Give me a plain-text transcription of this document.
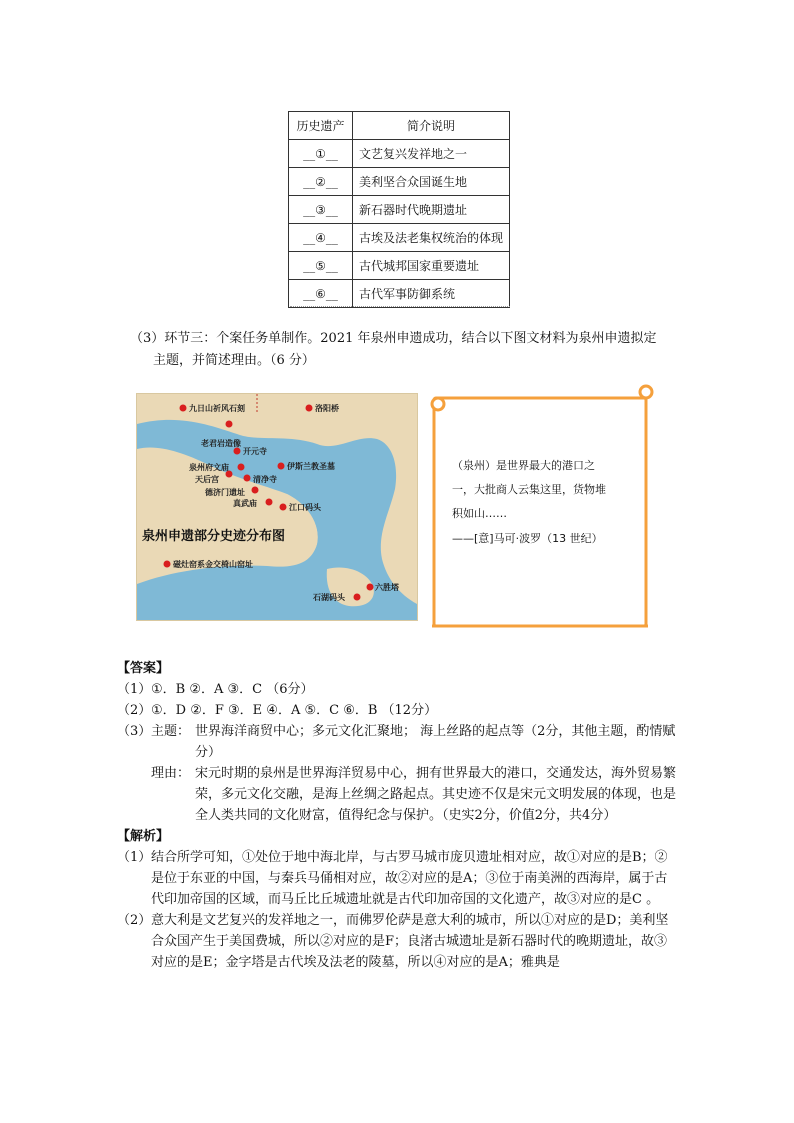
历史遗产	简介说明
__①__	文艺复兴发祥地之一
__②__	美利坚合众国诞生地
__③__	新石器时代晚期遗址
__④__	古埃及法老集权统治的体现
__⑤__	古代城邦国家重要遗址
__⑥__	古代军事防御系统
（3）环节三：个案任务单制作。2021 年泉州申遗成功，结合以下图文材料为泉州申遗拟定
主题，并简述理由。（6 分）
九日山祈风石刻
老君岩造像
洛阳桥
开元寺
泉州府文庙	伊斯兰教圣墓
天后宫	清净寺
德济门遗址
真武庙	江口码头
磁灶窑系金交椅山窑址
石湖码头
六胜塔
泉州申遗部分史迹分布图
（泉州）是世界最大的港口之
一，大批商人云集这里，货物堆
积如山……
——[意]马可·波罗（13 世纪）
【答案】
（1） ①．B ②．A ③．C （6分）
（2） ①．D ②．F ③．E ④．A ⑤．C ⑥．B （12分）
（3） 主题： 世界海洋商贸中心；多元文化汇聚地； 海上丝路的起点等（2分，其他主题，酌情赋分）
理由： 宋元时期的泉州是世界海洋贸易中心，拥有世界最大的港口，交通发达，海外贸易繁荣，多元文化交融，是海上丝绸之路起点。其史迹不仅是宋元文明发展的体现，也是全人类共同的文化财富，值得纪念与保护。（史实2分，价值2分，共4分）
【解析】
（1） 结合所学可知，①处位于地中海北岸，与古罗马城市庞贝遗址相对应，故①对应的是B；②是位于东亚的中国，与秦兵马俑相对应，故②对应的是A；③位于南美洲的西海岸，属于古代印加帝国的区域，而马丘比丘城遗址就是古代印加帝国的文化遗产，故③对应的是C 。
（2） 意大利是文艺复兴的发祥地之一，而佛罗伦萨是意大利的城市，所以①对应的是D；美利坚合众国产生于美国费城，所以②对应的是F；良渚古城遗址是新石器时代的晚期遗址，故③对应的是E；金字塔是古代埃及法老的陵墓，所以④对应的是A；雅典是
